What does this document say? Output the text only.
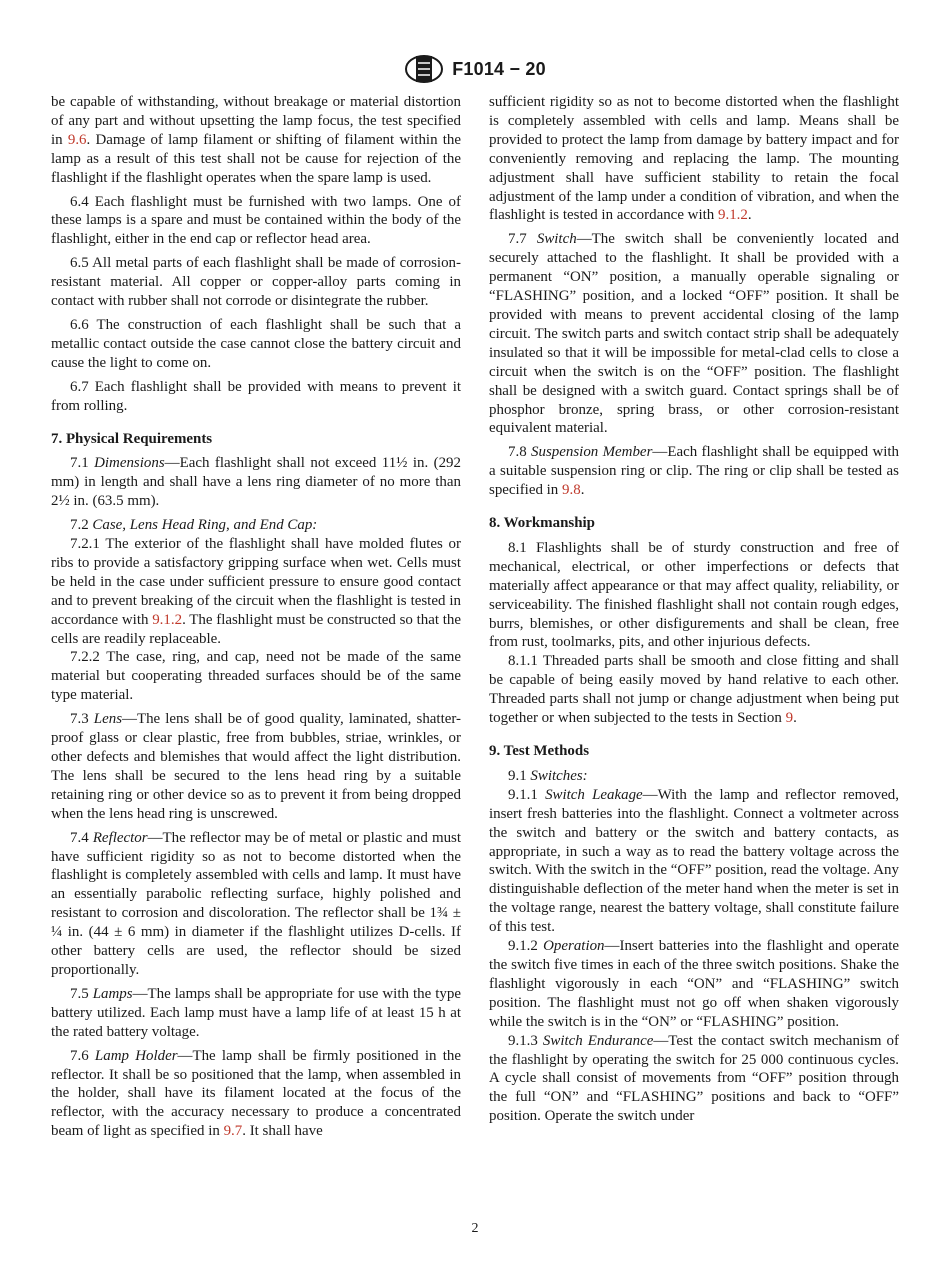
F1014 − 20

be capable of withstanding, without breakage or material distortion of any part and without upsetting the lamp focus, the test specified in 9.6. Damage of lamp filament or shifting of filament within the lamp as a result of this test shall not be cause for rejection of the flashlight if the flashlight operates when the spare lamp is used.

6.4 Each flashlight must be furnished with two lamps. One of these lamps is a spare and must be contained within the body of the flashlight, either in the end cap or reflector head area.

6.5 All metal parts of each flashlight shall be made of corrosion-resistant material. All copper or copper-alloy parts coming in contact with rubber shall not corrode or disintegrate the rubber.

6.6 The construction of each flashlight shall be such that a metallic contact outside the case cannot close the battery circuit and cause the light to come on.

6.7 Each flashlight shall be provided with means to prevent it from rolling.

7. Physical Requirements

7.1 Dimensions—Each flashlight shall not exceed 11½ in. (292 mm) in length and shall have a lens ring diameter of no more than 2½ in. (63.5 mm).

7.2 Case, Lens Head Ring, and End Cap:

7.2.1 The exterior of the flashlight shall have molded flutes or ribs to provide a satisfactory gripping surface when wet. Cells must be held in the case under sufficient pressure to ensure good contact and to prevent breaking of the circuit when the flashlight is tested in accordance with 9.1.2. The flashlight must be constructed so that the cells are readily replaceable.

7.2.2 The case, ring, and cap, need not be made of the same material but cooperating threaded surfaces should be of the same type material.

7.3 Lens—The lens shall be of good quality, laminated, shatter-proof glass or clear plastic, free from bubbles, striae, wrinkles, or other defects and blemishes that would affect the light distribution. The lens shall be secured to the lens head ring by a suitable retaining ring or other device so as to prevent it from being dropped when the lens head ring is unscrewed.

7.4 Reflector—The reflector may be of metal or plastic and must have sufficient rigidity so as not to become distorted when the flashlight is completely assembled with cells and lamp. It must have an essentially parabolic reflecting surface, highly polished and resistant to corrosion and discoloration. The reflector shall be 1¾ ± ¼ in. (44 ± 6 mm) in diameter if the flashlight utilizes D-cells. If other battery cells are used, the reflector should be sized proportionally.

7.5 Lamps—The lamps shall be appropriate for use with the type battery utilized. Each lamp must have a lamp life of at least 15 h at the rated battery voltage.

7.6 Lamp Holder—The lamp shall be firmly positioned in the reflector. It shall be so positioned that the lamp, when assembled in the holder, shall have its filament located at the focus of the reflector, with the accuracy necessary to produce a concentrated beam of light as specified in 9.7. It shall have

sufficient rigidity so as not to become distorted when the flashlight is completely assembled with cells and lamp. Means shall be provided to protect the lamp from damage by battery impact and for conveniently removing and replacing the lamp. The mounting adjustment shall have sufficient stability to retain the focal adjustment of the lamp under a condition of vibration, and when the flashlight is tested in accordance with 9.1.2.

7.7 Switch—The switch shall be conveniently located and securely attached to the flashlight. It shall be provided with a permanent “ON” position, a manually operable signaling or “FLASHING” position, and a locked “OFF” position. It shall be provided with means to prevent accidental closing of the lamp circuit. The switch parts and switch contact strip shall be adequately insulated so that it will be impossible for metal-clad cells to close a circuit when the switch is on the “OFF” position. The flashlight shall be designed with a switch guard. Contact springs shall be of phosphor bronze, spring brass, or other corrosion-resistant equivalent material.

7.8 Suspension Member—Each flashlight shall be equipped with a suitable suspension ring or clip. The ring or clip shall be tested as specified in 9.8.

8. Workmanship

8.1 Flashlights shall be of sturdy construction and free of mechanical, electrical, or other imperfections or defects that materially affect appearance or that may affect quality, reliability, or serviceability. The finished flashlight shall not contain rough edges, burrs, blemishes, or other disfigurements and shall be clean, free from rust, toolmarks, pits, and other injurious defects.

8.1.1 Threaded parts shall be smooth and close fitting and shall be capable of being easily moved by hand relative to each other. Threaded parts shall not jump or change adjustment when being put together or when subjected to the tests in Section 9.

9. Test Methods

9.1 Switches:

9.1.1 Switch Leakage—With the lamp and reflector removed, insert fresh batteries into the flashlight. Connect a voltmeter across the switch and battery or the switch and battery contacts, as appropriate, in such a way as to read the battery voltage across the switch. With the switch in the “OFF” position, read the voltage. Any distinguishable deflection of the meter hand when the meter is set in the voltage range, nearest the battery voltage, shall constitute failure of this test.

9.1.2 Operation—Insert batteries into the flashlight and operate the switch five times in each of the three switch positions. Shake the flashlight vigorously in each “ON” and “FLASHING” switch position. The flashlight must not go off when shaken vigorously while the switch is in the “ON” or “FLASHING” position.

9.1.3 Switch Endurance—Test the contact switch mechanism of the flashlight by operating the switch for 25 000 continuous cycles. A cycle shall consist of movements from “OFF” position through the full “ON” and “FLASHING” positions and back to “OFF” position. Operate the switch under

2
